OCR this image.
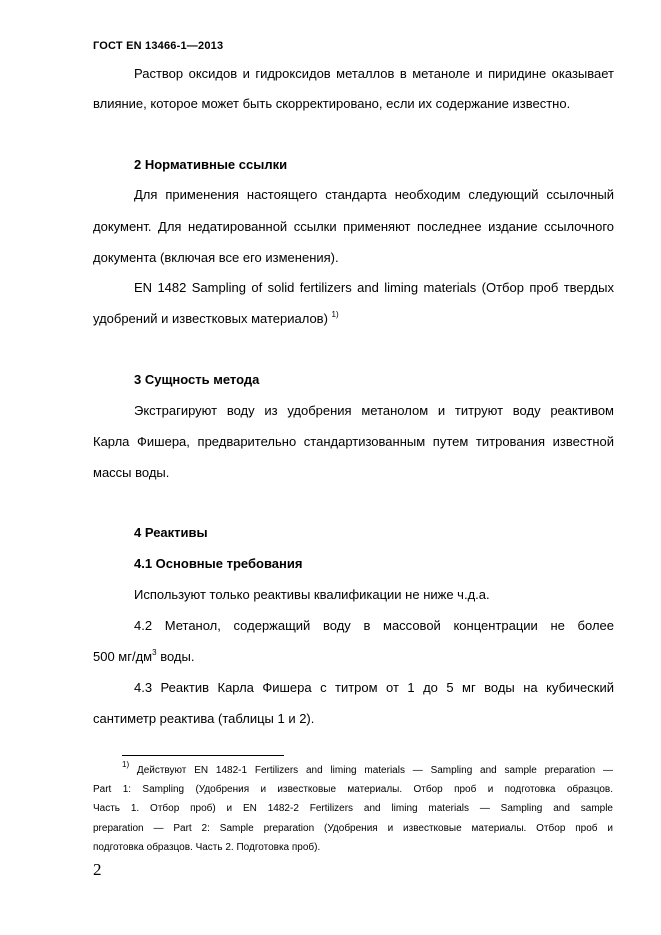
ГОСТ EN 13466-1—2013
Раствор оксидов и гидроксидов металлов в метаноле и пиридине оказывает
влияние, которое может быть скорректировано, если их содержание известно.
2 Нормативные ссылки
Для применения настоящего стандарта необходим следующий ссылочный
документ. Для недатированной ссылки применяют последнее издание ссылочного
документа (включая все его изменения).
EN 1482 Sampling of solid fertilizers and liming materials (Отбор проб твердых
удобрений и известковых материалов) $^{1)}$
3 Сущность метода
Экстрагируют воду из удобрения метанолом и титруют воду реактивом
Карла Фишера, предварительно стандартизованным путем титрования известной
массы воды.
4 Реактивы
4.1 Основные требования
Используют только реактивы квалификации не ниже ч.д.а.
4.2 Метанол, содержащий воду в массовой концентрации не более
500 $мг/дм^3$ воды.
4.3 Реактив Карла Фишера с титром от 1 до 5 мг воды на кубический
сантиметр реактива (таблицы 1 и 2).
$^{1)}$ Действуют EN 1482-1 Fertilizers and liming materials — Sampling and sample preparation —
Part 1: Sampling (Удобрения и известковые материалы. Отбор проб и подготовка образцов.
Часть 1. Отбор проб) и EN 1482-2 Fertilizers and liming materials — Sampling and sample
preparation — Part 2: Sample preparation (Удобрения и известковые материалы. Отбор проб и
подготовка образцов. Часть 2. Подготовка проб).
2
